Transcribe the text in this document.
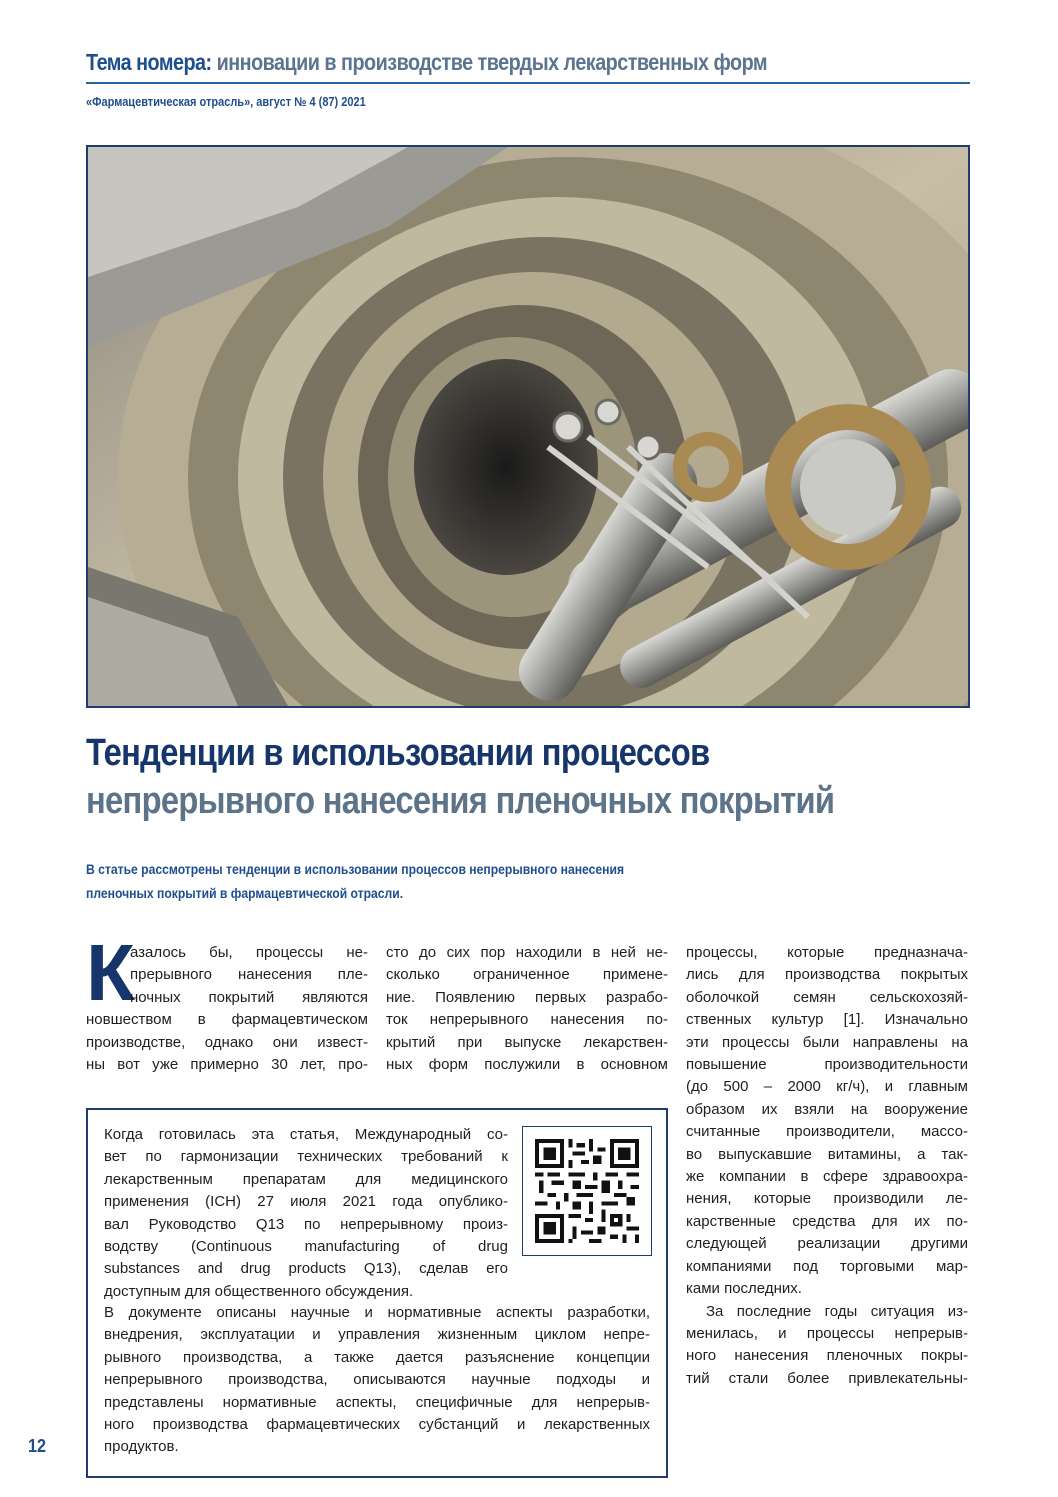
Тема номера: инновации в производстве твердых лекарственных форм
«Фармацевтическая отрасль», август № 4 (87) 2021
Тенденции в использовании процессов
непрерывного нанесения пленочных покрытий
В статье рассмотрены тенденции в использовании процессов непрерывного нанесения
пленочных покрытий в фармацевтической отрасли.
К
азалось бы, процессы не-
прерывного нанесения пле-
ночных покрытий являются
новшеством в фармацевтическом
производстве, однако они извест-
ны вот уже примерно 30 лет, про-
сто до сих пор находили в ней не-
сколько ограниченное примене-
ние. Появлению первых разрабо-
ток непрерывного нанесения по-
крытий при выпуске лекарствен-
ных форм послужили в основном
процессы, которые предназнача-
лись для производства покрытых
оболочкой семян сельскохозяй-
ственных культур [1]. Изначально
эти процессы были направлены на
повышение производительности
(до 500 – 2000 кг/ч), и главным
образом их взяли на вооружение
считанные производители, массо-
во выпускавшие витамины, а так-
же компании в сфере здравоохра-
нения, которые производили ле-
карственные средства для их по-
следующей реализации другими
компаниями под торговыми мар-
ками последних.
За последние годы ситуация из-
менилась, и процессы непрерыв-
ного нанесения пленочных покры-
тий стали более привлекательны-
Когда готовилась эта статья, Международный со-
вет по гармонизации технических требований к
лекарственным препаратам для медицинского
применения (ICH) 27 июля 2021 года опублико-
вал Руководство Q13 по непрерывному произ-
водству (Continuous manufacturing of drug
substances and drug products Q13), сделав его
доступным для общественного обсуждения.
В документе описаны научные и нормативные аспекты разработки,
внедрения, эксплуатации и управления жизненным циклом непре-
рывного производства, а также дается разъяснение концепции
непрерывного производства, описываются научные подходы и
представлены нормативные аспекты, специфичные для непрерыв-
ного производства фармацевтических субстанций и лекарственных
продуктов.
12
